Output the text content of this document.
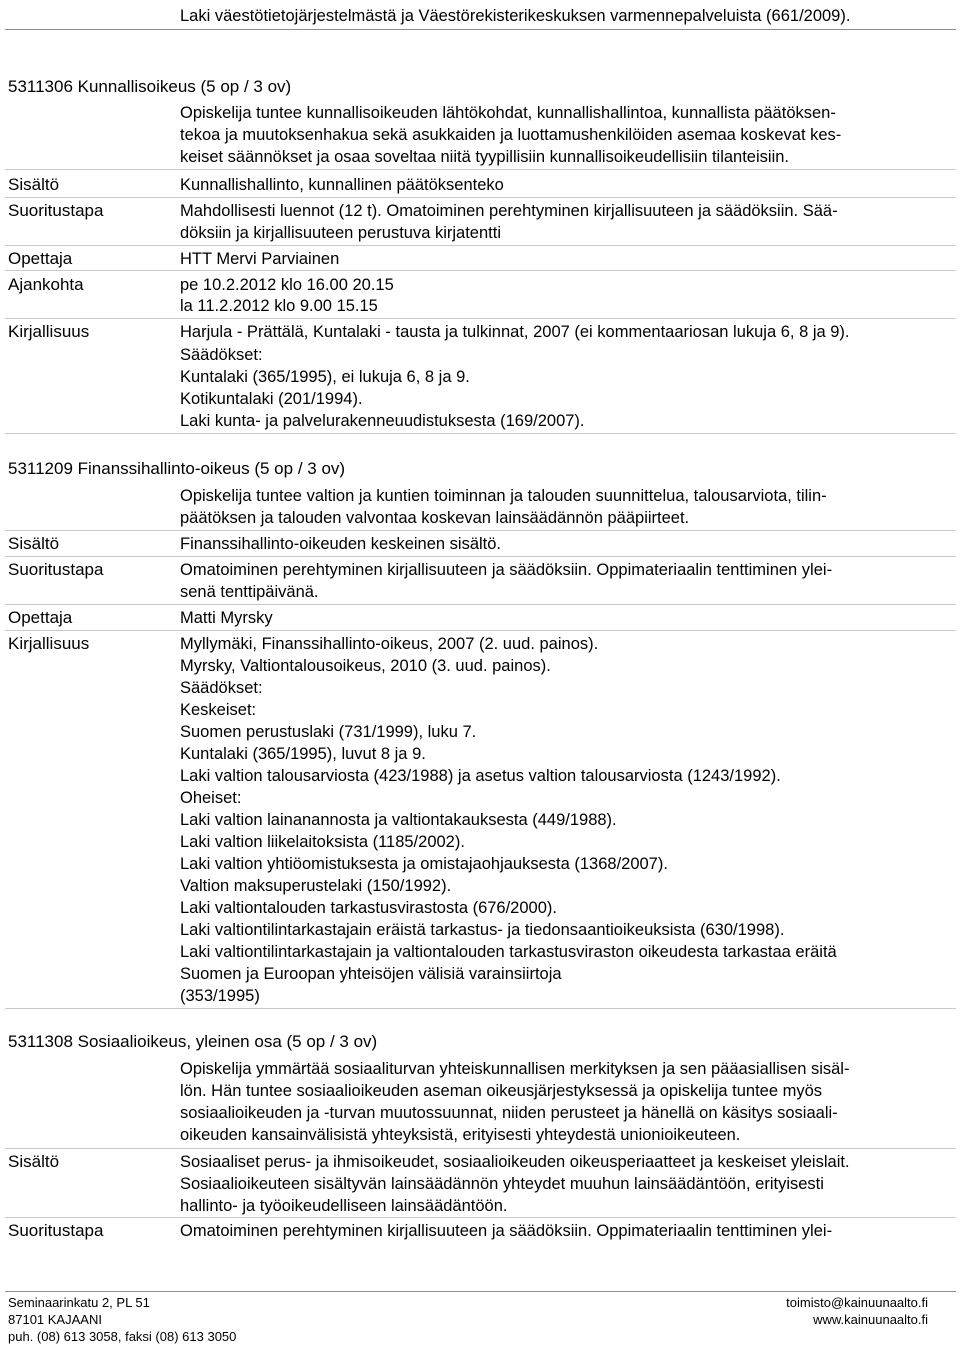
Laki väestötietojärjestelmästä ja Väestörekisterikeskuksen varmennepalveluista (661/2009).

5311306 Kunnallisoikeus (5 op / 3 ov)

Opiskelija tuntee kunnallisoikeuden lähtökohdat, kunnallishallintoa, kunnallista päätöksen-

tekoa ja muutoksenhakua sekä asukkaiden ja luottamushenkilöiden asemaa koskevat kes-

keiset säännökset ja osaa soveltaa niitä tyypillisiin kunnallisoikeudellisiin tilanteisiin.

Sisältö	Kunnallishallinto, kunnallinen päätöksenteko

Suoritustapa	Mahdollisesti luennot (12 t). Omatoiminen perehtyminen kirjallisuuteen ja säädöksiin. Sää-

döksiin ja kirjallisuuteen perustuva kirjatentti

Opettaja	HTT Mervi Parviainen

Ajankohta	pe 10.2.2012 klo 16.00 20.15

la 11.2.2012 klo 9.00 15.15

Kirjallisuus	Harjula - Prättälä, Kuntalaki - tausta ja tulkinnat, 2007 (ei kommentaariosan lukuja 6, 8 ja 9).

Säädökset:

Kuntalaki (365/1995), ei lukuja 6, 8 ja 9.

Kotikuntalaki (201/1994).

Laki kunta- ja palvelurakenneuudistuksesta (169/2007).

5311209 Finanssihallinto-oikeus (5 op / 3 ov)

Opiskelija tuntee valtion ja kuntien toiminnan ja talouden suunnittelua, talousarviota, tilin-

päätöksen ja talouden valvontaa koskevan lainsäädännön pääpiirteet.

Sisältö	Finanssihallinto-oikeuden keskeinen sisältö.

Suoritustapa	Omatoiminen perehtyminen kirjallisuuteen ja säädöksiin. Oppimateriaalin tenttiminen ylei-

senä tenttipäivänä.

Opettaja	Matti Myrsky

Kirjallisuus	Myllymäki, Finanssihallinto-oikeus, 2007 (2. uud. painos).

Myrsky, Valtiontalousoikeus, 2010 (3. uud. painos).

Säädökset:

Keskeiset:

Suomen perustuslaki (731/1999), luku 7.

Kuntalaki (365/1995), luvut 8 ja 9.

Laki valtion talousarviosta (423/1988) ja asetus valtion talousarviosta (1243/1992).

Oheiset:

Laki valtion lainanannosta ja valtiontakauksesta (449/1988).

Laki valtion liikelaitoksista (1185/2002).

Laki valtion yhtiöomistuksesta ja omistajaohjauksesta (1368/2007).

Valtion maksuperustelaki (150/1992).

Laki valtiontalouden tarkastusvirastosta (676/2000).

Laki valtiontilintarkastajain eräistä tarkastus- ja tiedonsaantioikeuksista (630/1998).

Laki valtiontilintarkastajain ja valtiontalouden tarkastusviraston oikeudesta tarkastaa eräitä

Suomen ja Euroopan yhteisöjen välisiä varainsiirtoja

(353/1995)

5311308 Sosiaalioikeus, yleinen osa (5 op / 3 ov)

Opiskelija ymmärtää sosiaaliturvan yhteiskunnallisen merkityksen ja sen pääasiallisen sisäl-

lön. Hän tuntee sosiaalioikeuden aseman oikeusjärjestyksessä ja opiskelija tuntee myös

sosiaalioikeuden ja -turvan muutossuunnat, niiden perusteet ja hänellä on käsitys sosiaali-

oikeuden kansainvälisistä yhteyksistä, erityisesti yhteydestä unionioikeuteen.

Sisältö	Sosiaaliset perus- ja ihmisoikeudet, sosiaalioikeuden oikeusperiaatteet ja keskeiset yleislait.

Sosiaalioikeuteen sisältyvän lainsäädännön yhteydet muuhun lainsäädäntöön, erityisesti

hallinto- ja työoikeudelliseen lainsäädäntöön.

Suoritustapa	Omatoiminen perehtyminen kirjallisuuteen ja säädöksiin. Oppimateriaalin tenttiminen ylei-

Seminaarinkatu 2, PL 51

87101 KAJAANI

puh. (08) 613 3058, faksi (08) 613 3050

toimisto@kainuunaalto.fi

www.kainuunaalto.fi
